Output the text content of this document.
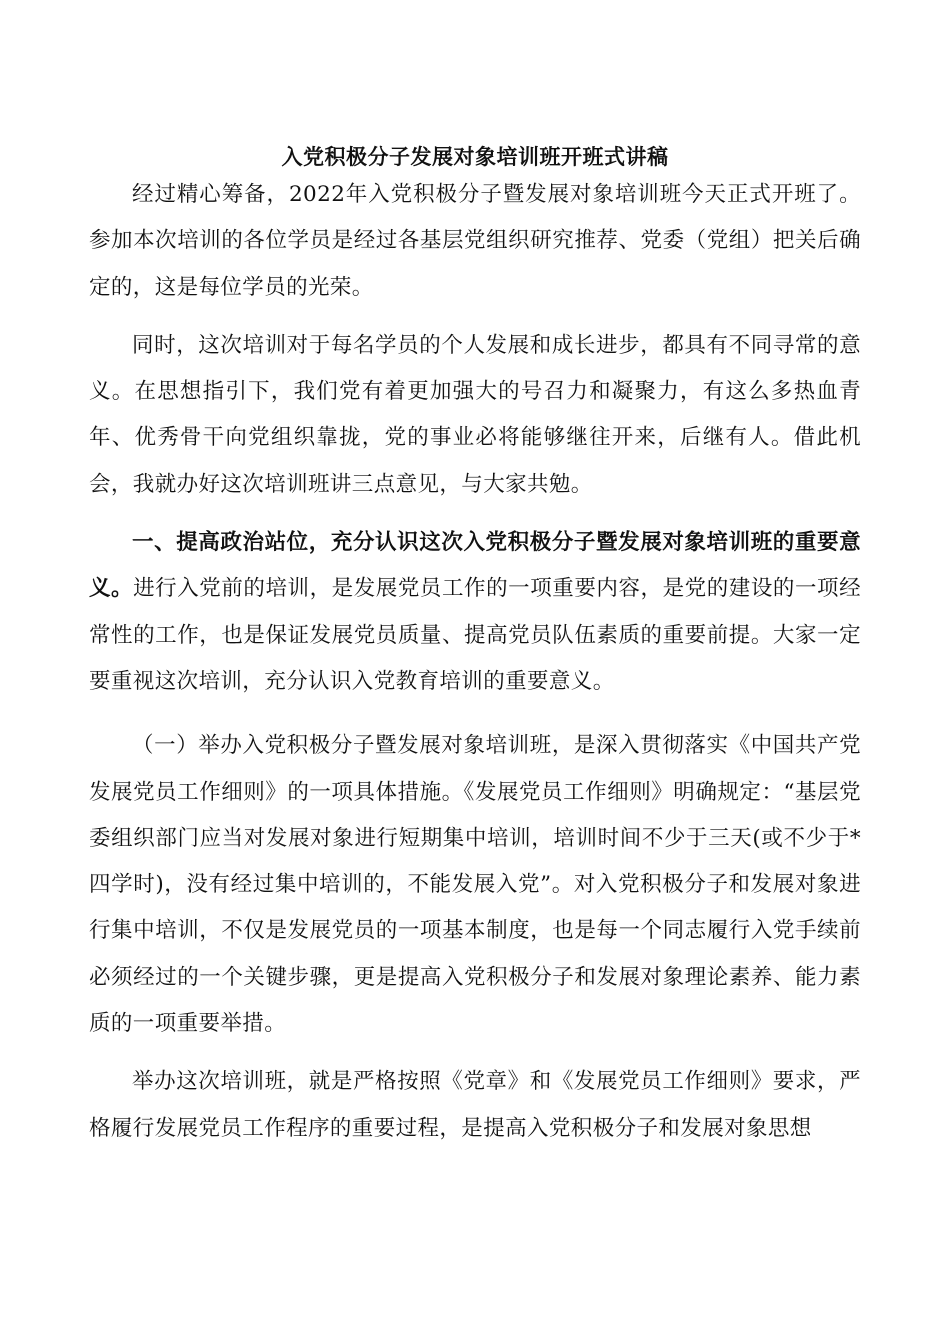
入党积极分子发展对象培训班开班式讲稿

经过精心筹备，2022年入党积极分子暨发展对象培训班今天正式开班了。参加本次培训的各位学员是经过各基层党组织研究推荐、党委（党组）把关后确定的，这是每位学员的光荣。

同时，这次培训对于每名学员的个人发展和成长进步，都具有不同寻常的意义。在思想指引下，我们党有着更加强大的号召力和凝聚力，有这么多热血青年、优秀骨干向党组织靠拢，党的事业必将能够继往开来，后继有人。借此机会，我就办好这次培训班讲三点意见，与大家共勉。

一、提高政治站位，充分认识这次入党积极分子暨发展对象培训班的重要意义。进行入党前的培训，是发展党员工作的一项重要内容，是党的建设的一项经常性的工作，也是保证发展党员质量、提高党员队伍素质的重要前提。大家一定要重视这次培训，充分认识入党教育培训的重要意义。

（一）举办入党积极分子暨发展对象培训班，是深入贯彻落实《中国共产党发展党员工作细则》的一项具体措施。《发展党员工作细则》明确规定：“基层党委组织部门应当对发展对象进行短期集中培训，培训时间不少于三天(或不少于*四学时)，没有经过集中培训的，不能发展入党”。对入党积极分子和发展对象进行集中培训，不仅是发展党员的一项基本制度，也是每一个同志履行入党手续前必须经过的一个关键步骤，更是提高入党积极分子和发展对象理论素养、能力素质的一项重要举措。

举办这次培训班，就是严格按照《党章》和《发展党员工作细则》要求，严格履行发展党员工作程序的重要过程，是提高入党积极分子和发展对象思想
